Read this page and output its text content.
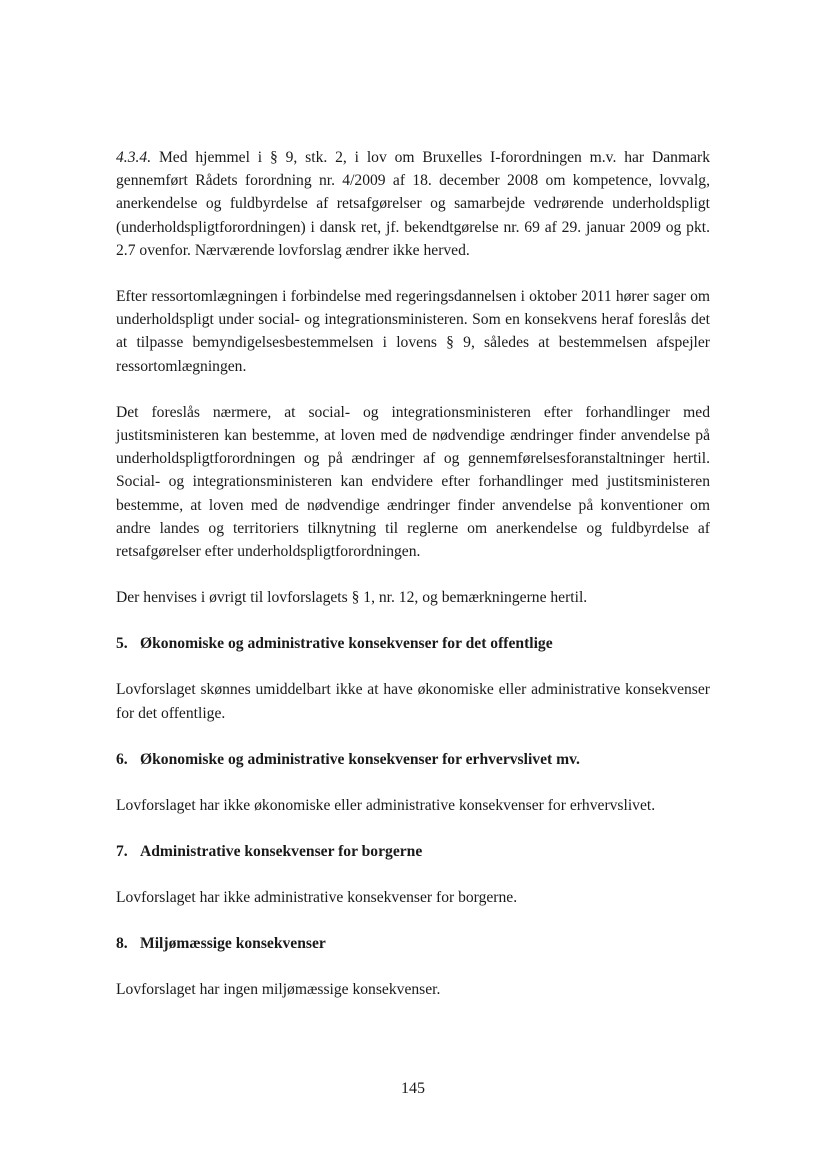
4.3.4. Med hjemmel i § 9, stk. 2, i lov om Bruxelles I-forordningen m.v. har Danmark gennemført Rådets forordning nr. 4/2009 af 18. december 2008 om kompetence, lovvalg, anerkendelse og fuldbyrdelse af retsafgørelser og samarbejde vedrørende underholdspligt (underholdspligtforordningen) i dansk ret, jf. bekendtgørelse nr. 69 af 29. januar 2009 og pkt. 2.7 ovenfor. Nærværende lovforslag ændrer ikke herved.

Efter ressortomlægningen i forbindelse med regeringsdannelsen i oktober 2011 hører sager om underholdspligt under social- og integrationsministeren. Som en konsekvens heraf foreslås det at tilpasse bemyndigelsesbestemmelsen i lovens § 9, således at bestemmelsen afspejler ressortomlægningen.

Det foreslås nærmere, at social- og integrationsministeren efter forhandlinger med justitsministeren kan bestemme, at loven med de nødvendige ændringer finder anvendelse på underholdspligtforordningen og på ændringer af og gennemførelsesforanstaltninger hertil. Social- og integrationsministeren kan endvidere efter forhandlinger med justitsministeren bestemme, at loven med de nødvendige ændringer finder anvendelse på konventioner om andre landes og territoriers tilknytning til reglerne om anerkendelse og fuldbyrdelse af retsafgørelser efter underholdspligtforordningen.

Der henvises i øvrigt til lovforslagets § 1, nr. 12, og bemærkningerne hertil.

5. Økonomiske og administrative konsekvenser for det offentlige

Lovforslaget skønnes umiddelbart ikke at have økonomiske eller administrative konsekvenser for det offentlige.

6. Økonomiske og administrative konsekvenser for erhvervslivet mv.

Lovforslaget har ikke økonomiske eller administrative konsekvenser for erhvervslivet.

7. Administrative konsekvenser for borgerne

Lovforslaget har ikke administrative konsekvenser for borgerne.

8. Miljømæssige konsekvenser

Lovforslaget har ingen miljømæssige konsekvenser.

145
